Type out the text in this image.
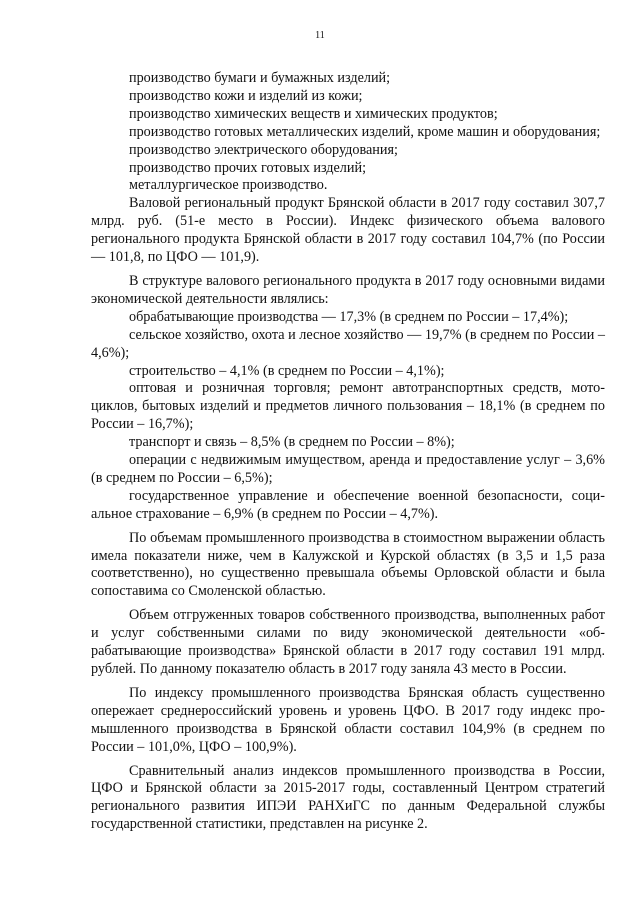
11

производство бумаги и бумажных изделий;

производство кожи и изделий из кожи;

производство химических веществ и химических продуктов;

производство готовых металлических изделий, кроме машин и оборудования;

производство электрического оборудования;

производство прочих готовых изделий;

металлургическое производство.

Валовой региональный продукт Брянской области в 2017 году составил 307,7 млрд. руб. (51-е место в России). Индекс физического объема валового регионального продукта Брянской области в 2017 году составил 104,7% (по России — 101,8, по ЦФО — 101,9).

В структуре валового регионального продукта в 2017 году основными видами экономической деятельности являлись:

обрабатывающие производства — 17,3% (в среднем по России – 17,4%);

сельское хозяйство, охота и лесное хозяйство — 19,7% (в среднем по России – 4,6%);

строительство – 4,1% (в среднем по России – 4,1%);

оптовая и розничная торговля; ремонт автотранспортных средств, мотоциклов, бытовых изделий и предметов личного пользования – 18,1% (в среднем по России – 16,7%);

транспорт и связь – 8,5% (в среднем по России – 8%);

операции с недвижимым имуществом, аренда и предоставление услуг – 3,6% (в среднем по России – 6,5%);

государственное управление и обеспечение военной безопасности, социальное страхование – 6,9% (в среднем по России – 4,7%).

По объемам промышленного производства в стоимостном выражении область имела показатели ниже, чем в Калужской и Курской областях (в 3,5 и 1,5 раза соответственно), но существенно превышала объемы Орловской области и была сопоставима со Смоленской областью.

Объем отгруженных товаров собственного производства, выполненных работ и услуг собственными силами по виду экономической деятельности «обрабатывающие производства» Брянской области в 2017 году составил 191 млрд. рублей. По данному показателю область в 2017 году заняла 43 место в России.

По индексу промышленного производства Брянская область существенно опережает среднероссийский уровень и уровень ЦФО. В 2017 году индекс промышленного производства в Брянской области составил 104,9% (в среднем по России – 101,0%, ЦФО – 100,9%).

Сравнительный анализ индексов промышленного производства в России, ЦФО и Брянской области за 2015-2017 годы, составленный Центром стратегий регионального развития ИПЭИ РАНХиГС по данным Федеральной службы государственной статистики, представлен на рисунке 2.
